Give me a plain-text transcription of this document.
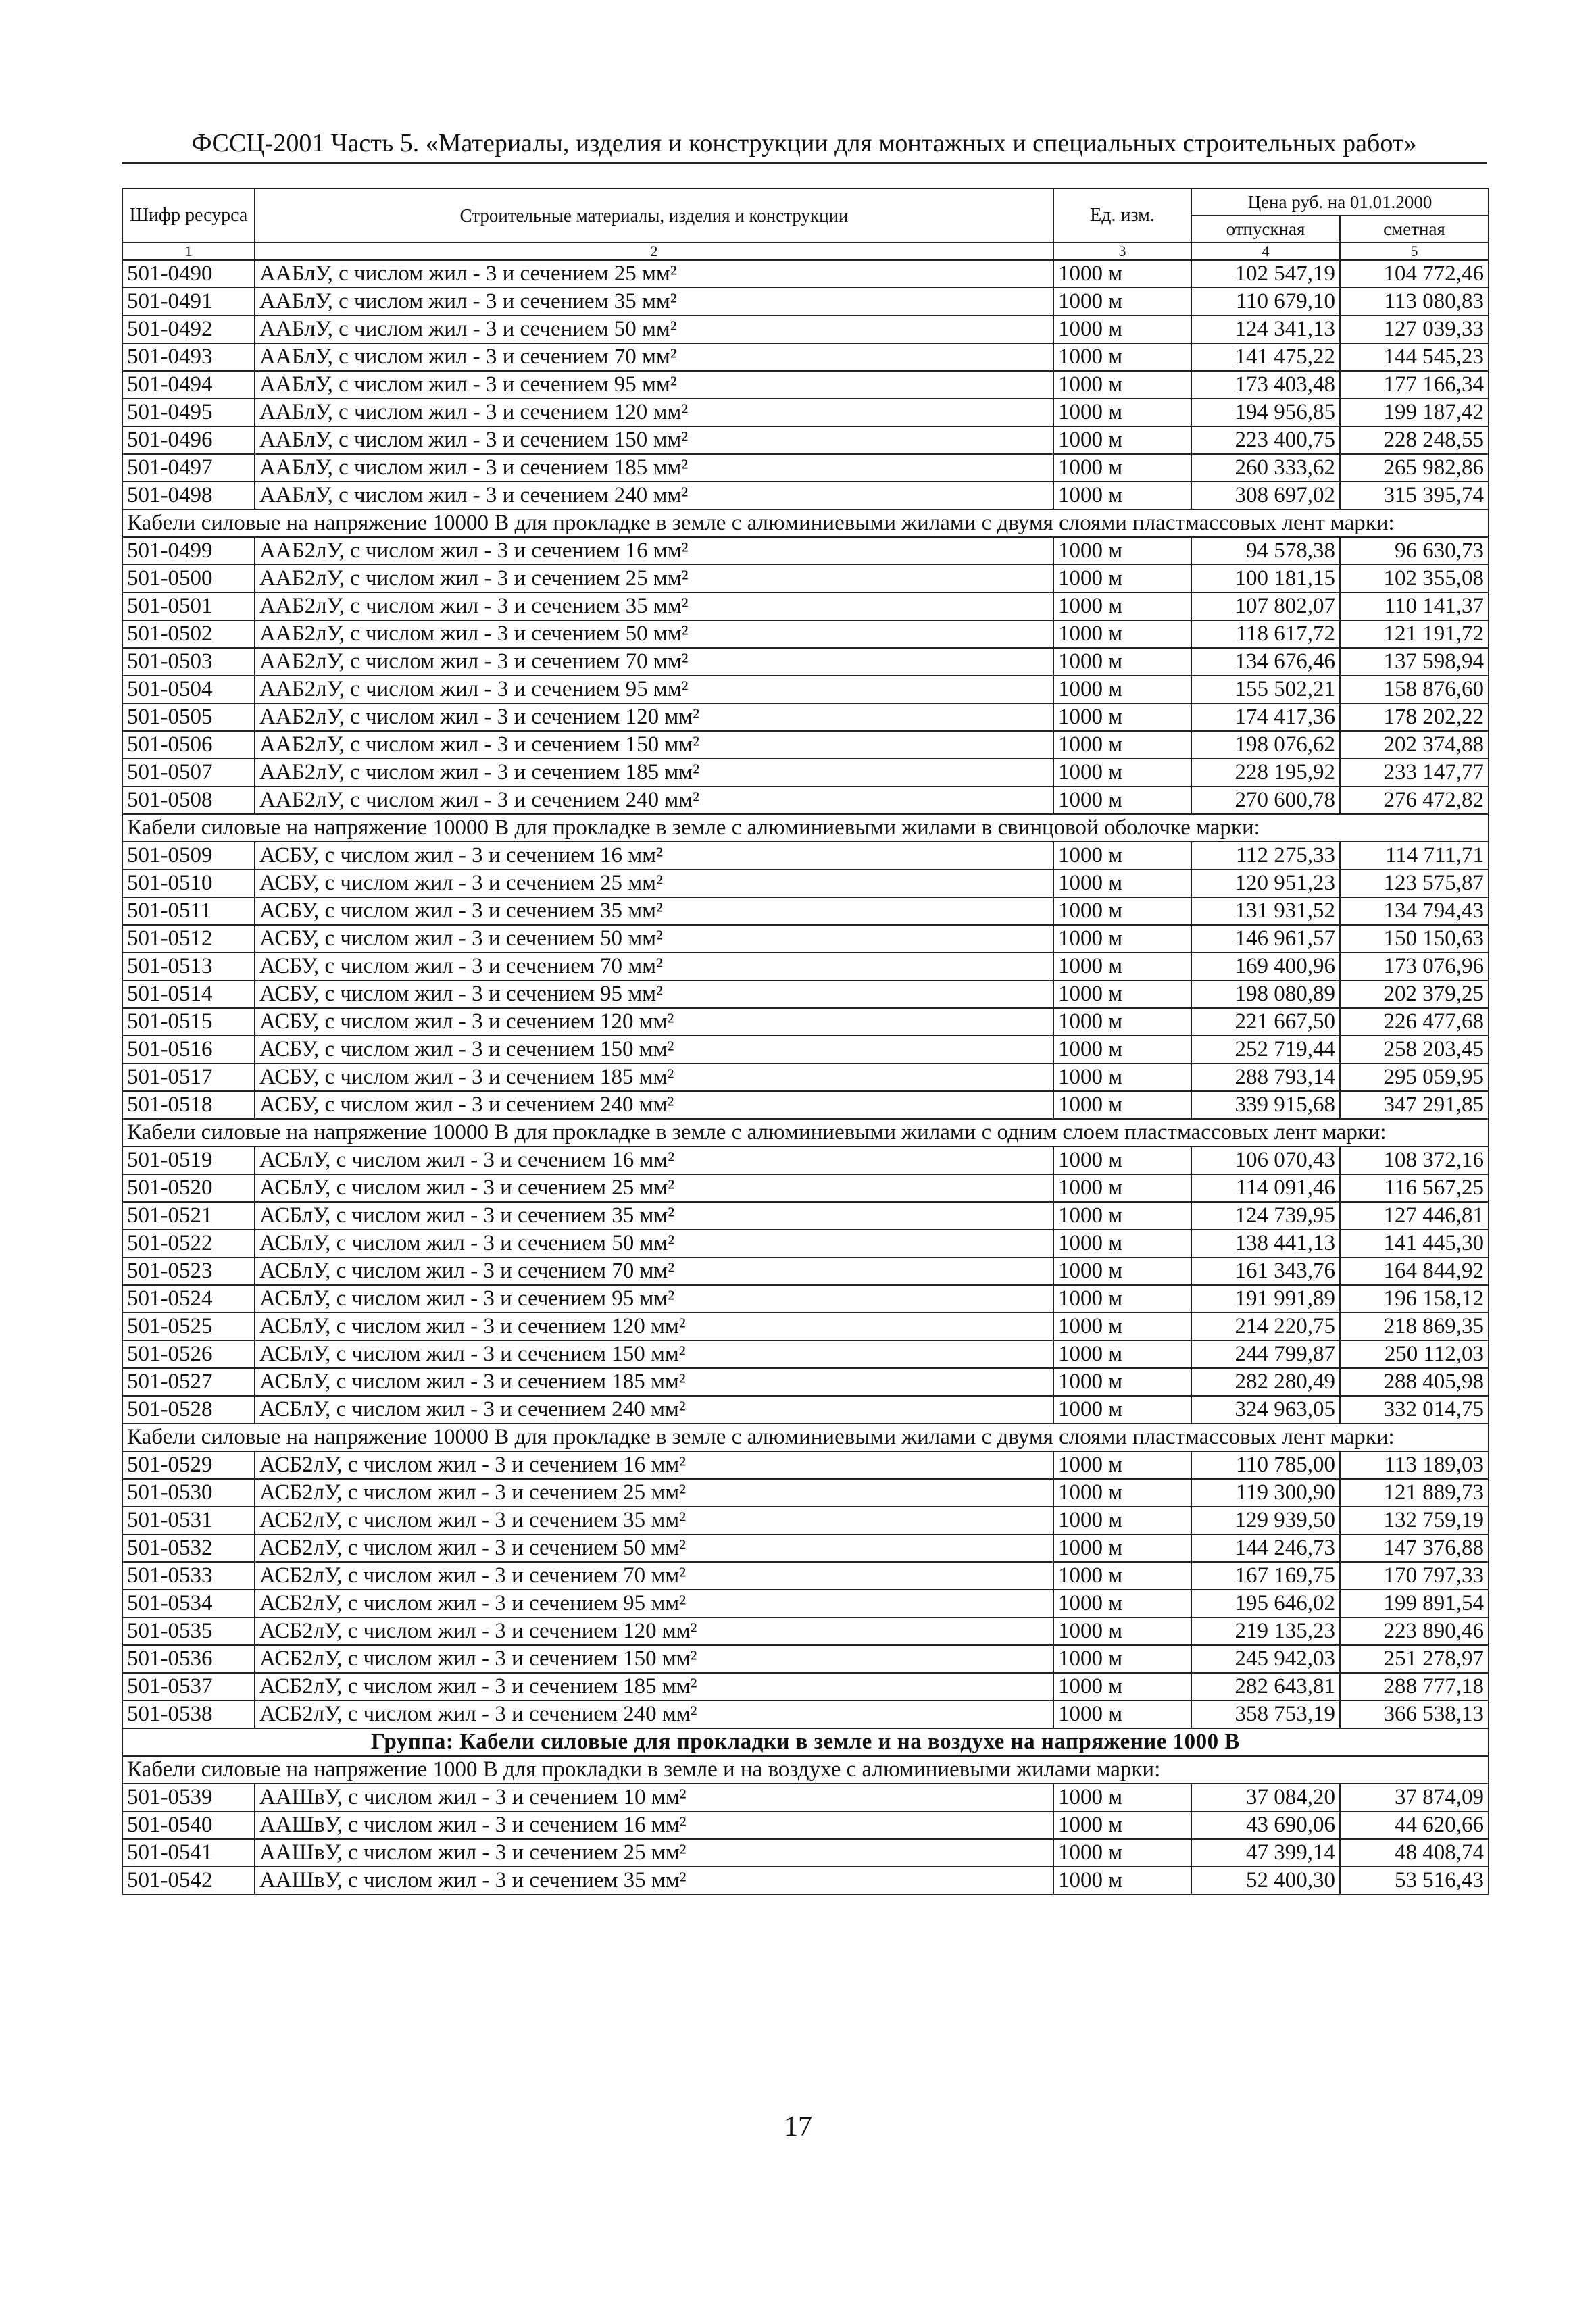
ФССЦ-2001 Часть 5. «Материалы, изделия и конструкции для монтажных и специальных строительных работ»
Шифр ресурса	Строительные материалы, изделия и конструкции	Ед. изм.	Цена руб. на 01.01.2000	
			отпускная	сметная
1	2	3	4	5
501-0490	ААБлУ, с числом жил - 3 и сечением 25 мм²	1000 м	102 547,19	104 772,46
501-0491	ААБлУ, с числом жил - 3 и сечением 35 мм²	1000 м	110 679,10	113 080,83
501-0492	ААБлУ, с числом жил - 3 и сечением 50 мм²	1000 м	124 341,13	127 039,33
501-0493	ААБлУ, с числом жил - 3 и сечением 70 мм²	1000 м	141 475,22	144 545,23
501-0494	ААБлУ, с числом жил - 3 и сечением 95 мм²	1000 м	173 403,48	177 166,34
501-0495	ААБлУ, с числом жил - 3 и сечением 120 мм²	1000 м	194 956,85	199 187,42
501-0496	ААБлУ, с числом жил - 3 и сечением 150 мм²	1000 м	223 400,75	228 248,55
501-0497	ААБлУ, с числом жил - 3 и сечением 185 мм²	1000 м	260 333,62	265 982,86
501-0498	ААБлУ, с числом жил - 3 и сечением 240 мм²	1000 м	308 697,02	315 395,74
Кабели силовые на напряжение 10000 В для прокладке в земле с алюминиевыми жилами с двумя слоями пластмассовых лент марки:				
501-0499	ААБ2лУ, с числом жил - 3 и сечением 16 мм²	1000 м	94 578,38	96 630,73
501-0500	ААБ2лУ, с числом жил - 3 и сечением 25 мм²	1000 м	100 181,15	102 355,08
501-0501	ААБ2лУ, с числом жил - 3 и сечением 35 мм²	1000 м	107 802,07	110 141,37
501-0502	ААБ2лУ, с числом жил - 3 и сечением 50 мм²	1000 м	118 617,72	121 191,72
501-0503	ААБ2лУ, с числом жил - 3 и сечением 70 мм²	1000 м	134 676,46	137 598,94
501-0504	ААБ2лУ, с числом жил - 3 и сечением 95 мм²	1000 м	155 502,21	158 876,60
501-0505	ААБ2лУ, с числом жил - 3 и сечением 120 мм²	1000 м	174 417,36	178 202,22
501-0506	ААБ2лУ, с числом жил - 3 и сечением 150 мм²	1000 м	198 076,62	202 374,88
501-0507	ААБ2лУ, с числом жил - 3 и сечением 185 мм²	1000 м	228 195,92	233 147,77
501-0508	ААБ2лУ, с числом жил - 3 и сечением 240 мм²	1000 м	270 600,78	276 472,82
Кабели силовые на напряжение 10000 В для прокладке в земле с алюминиевыми жилами в свинцовой оболочке марки:				
501-0509	АСБУ, с числом жил - 3 и сечением 16 мм²	1000 м	112 275,33	114 711,71
501-0510	АСБУ, с числом жил - 3 и сечением 25 мм²	1000 м	120 951,23	123 575,87
501-0511	АСБУ, с числом жил - 3 и сечением 35 мм²	1000 м	131 931,52	134 794,43
501-0512	АСБУ, с числом жил - 3 и сечением 50 мм²	1000 м	146 961,57	150 150,63
501-0513	АСБУ, с числом жил - 3 и сечением 70 мм²	1000 м	169 400,96	173 076,96
501-0514	АСБУ, с числом жил - 3 и сечением 95 мм²	1000 м	198 080,89	202 379,25
501-0515	АСБУ, с числом жил - 3 и сечением 120 мм²	1000 м	221 667,50	226 477,68
501-0516	АСБУ, с числом жил - 3 и сечением 150 мм²	1000 м	252 719,44	258 203,45
501-0517	АСБУ, с числом жил - 3 и сечением 185 мм²	1000 м	288 793,14	295 059,95
501-0518	АСБУ, с числом жил - 3 и сечением 240 мм²	1000 м	339 915,68	347 291,85
Кабели силовые на напряжение 10000 В для прокладке в земле с алюминиевыми жилами с одним слоем пластмассовых лент марки:				
501-0519	АСБлУ, с числом жил - 3 и сечением 16 мм²	1000 м	106 070,43	108 372,16
501-0520	АСБлУ, с числом жил - 3 и сечением 25 мм²	1000 м	114 091,46	116 567,25
501-0521	АСБлУ, с числом жил - 3 и сечением 35 мм²	1000 м	124 739,95	127 446,81
501-0522	АСБлУ, с числом жил - 3 и сечением 50 мм²	1000 м	138 441,13	141 445,30
501-0523	АСБлУ, с числом жил - 3 и сечением 70 мм²	1000 м	161 343,76	164 844,92
501-0524	АСБлУ, с числом жил - 3 и сечением 95 мм²	1000 м	191 991,89	196 158,12
501-0525	АСБлУ, с числом жил - 3 и сечением 120 мм²	1000 м	214 220,75	218 869,35
501-0526	АСБлУ, с числом жил - 3 и сечением 150 мм²	1000 м	244 799,87	250 112,03
501-0527	АСБлУ, с числом жил - 3 и сечением 185 мм²	1000 м	282 280,49	288 405,98
501-0528	АСБлУ, с числом жил - 3 и сечением 240 мм²	1000 м	324 963,05	332 014,75
Кабели силовые на напряжение 10000 В для прокладке в земле с алюминиевыми жилами с двумя слоями пластмассовых лент марки:				
501-0529	АСБ2лУ, с числом жил - 3 и сечением 16 мм²	1000 м	110 785,00	113 189,03
501-0530	АСБ2лУ, с числом жил - 3 и сечением 25 мм²	1000 м	119 300,90	121 889,73
501-0531	АСБ2лУ, с числом жил - 3 и сечением 35 мм²	1000 м	129 939,50	132 759,19
501-0532	АСБ2лУ, с числом жил - 3 и сечением 50 мм²	1000 м	144 246,73	147 376,88
501-0533	АСБ2лУ, с числом жил - 3 и сечением 70 мм²	1000 м	167 169,75	170 797,33
501-0534	АСБ2лУ, с числом жил - 3 и сечением 95 мм²	1000 м	195 646,02	199 891,54
501-0535	АСБ2лУ, с числом жил - 3 и сечением 120 мм²	1000 м	219 135,23	223 890,46
501-0536	АСБ2лУ, с числом жил - 3 и сечением 150 мм²	1000 м	245 942,03	251 278,97
501-0537	АСБ2лУ, с числом жил - 3 и сечением 185 мм²	1000 м	282 643,81	288 777,18
501-0538	АСБ2лУ, с числом жил - 3 и сечением 240 мм²	1000 м	358 753,19	366 538,13
Группа: Кабели силовые для прокладки в земле и на воздухе на напряжение 1000 В				
Кабели силовые на напряжение 1000 В для прокладки в земле и на воздухе с алюминиевыми жилами марки:				
501-0539	ААШвУ, с числом жил - 3 и сечением 10 мм²	1000 м	37 084,20	37 874,09
501-0540	ААШвУ, с числом жил - 3 и сечением 16 мм²	1000 м	43 690,06	44 620,66
501-0541	ААШвУ, с числом жил - 3 и сечением 25 мм²	1000 м	47 399,14	48 408,74
501-0542	ААШвУ, с числом жил - 3 и сечением 35 мм²	1000 м	52 400,30	53 516,43
17
